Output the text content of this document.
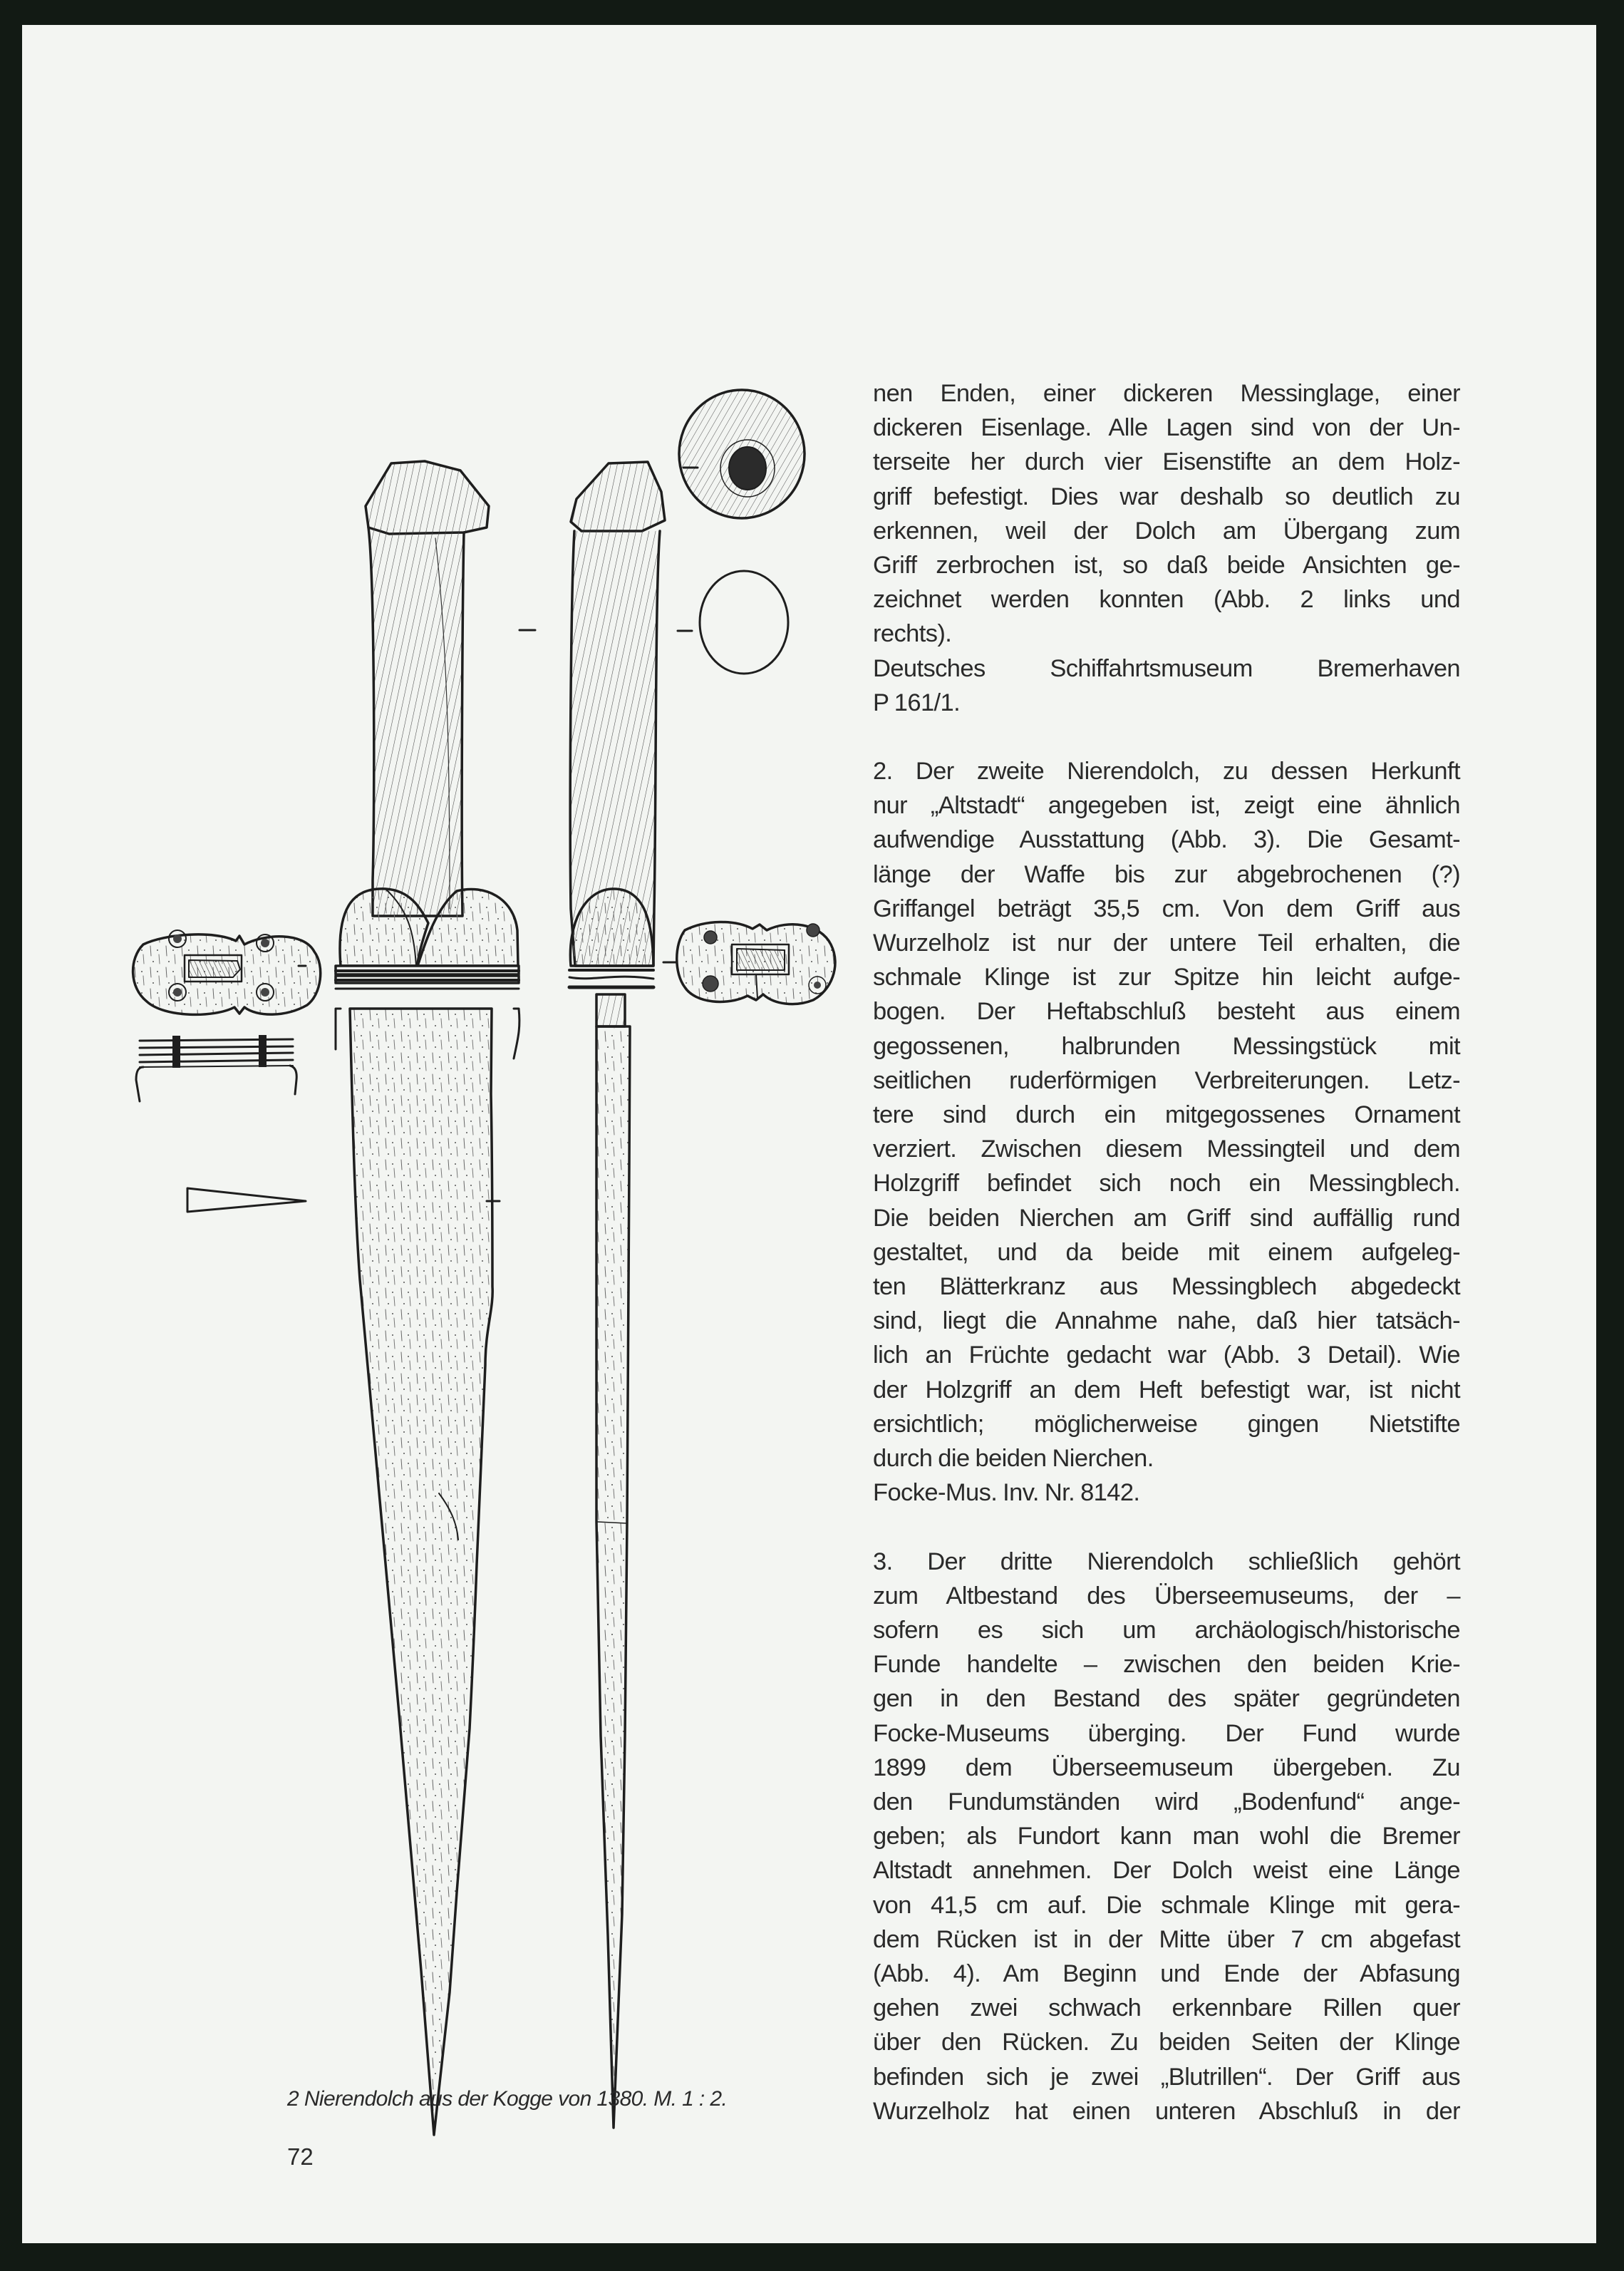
nen Enden, einer dickeren Messinglage, einer
dickeren Eisenlage. Alle Lagen sind von der Un-
terseite her durch vier Eisenstifte an dem Holz-
griff befestigt. Dies war deshalb so deutlich zu
erkennen, weil der Dolch am Übergang zum
Griff zerbrochen ist, so daß beide Ansichten ge-
zeichnet werden konnten (Abb. 2 links und
rechts).

Deutsches Schiffahrtsmuseum Bremerhaven
P 161/1.

2. Der zweite Nierendolch, zu dessen Herkunft
nur „Altstadt“ angegeben ist, zeigt eine ähnlich
aufwendige Ausstattung (Abb. 3). Die Gesamt-
länge der Waffe bis zur abgebrochenen (?)
Griffangel beträgt 35,5 cm. Von dem Griff aus
Wurzelholz ist nur der untere Teil erhalten, die
schmale Klinge ist zur Spitze hin leicht aufge-
bogen. Der Heftabschluß besteht aus einem
gegossenen, halbrunden Messingstück mit
seitlichen ruderförmigen Verbreiterungen. Letz-
tere sind durch ein mitgegossenes Ornament
verziert. Zwischen diesem Messingteil und dem
Holzgriff befindet sich noch ein Messingblech.
Die beiden Nierchen am Griff sind auffällig rund
gestaltet, und da beide mit einem aufgeleg-
ten Blätterkranz aus Messingblech abgedeckt
sind, liegt die Annahme nahe, daß hier tatsäch-
lich an Früchte gedacht war (Abb. 3 Detail). Wie
der Holzgriff an dem Heft befestigt war, ist nicht
ersichtlich; möglicherweise gingen Nietstifte
durch die beiden Nierchen.

Focke-Mus. Inv. Nr. 8142.

3. Der dritte Nierendolch schließlich gehört
zum Altbestand des Überseemuseums, der –
sofern es sich um archäologisch/historische
Funde handelte – zwischen den beiden Krie-
gen in den Bestand des später gegründeten
Focke-Museums überging. Der Fund wurde
1899 dem Überseemuseum übergeben. Zu
den Fundumständen wird „Bodenfund“ ange-
geben; als Fundort kann man wohl die Bremer
Altstadt annehmen. Der Dolch weist eine Länge
von 41,5 cm auf. Die schmale Klinge mit gera-
dem Rücken ist in der Mitte über 7 cm abgefast
(Abb. 4). Am Beginn und Ende der Abfasung
gehen zwei schwach erkennbare Rillen quer
über den Rücken. Zu beiden Seiten der Klinge
befinden sich je zwei „Blutrillen“. Der Griff aus
Wurzelholz hat einen unteren Abschluß in der

2 Nierendolch aus der Kogge von 1380. M. 1 : 2.
72
